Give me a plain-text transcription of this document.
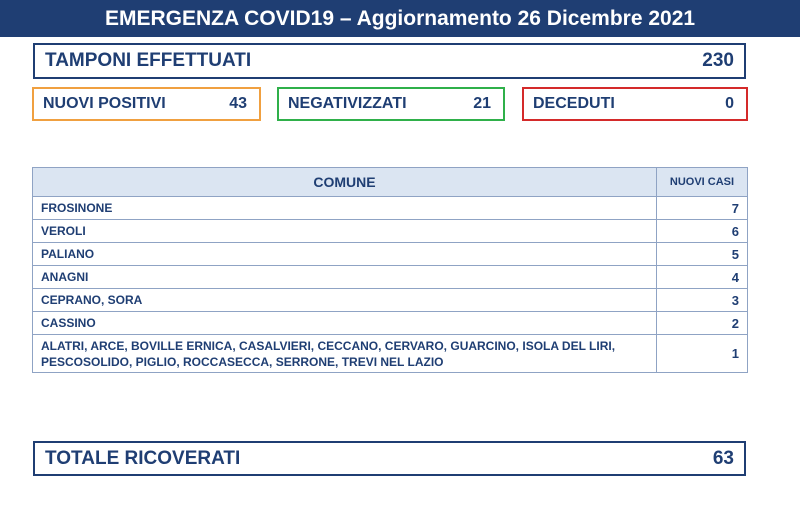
EMERGENZA COVID19 – Aggiornamento 26 Dicembre 2021
TAMPONI EFFETTUATI	230
NUOVI POSITIVI	43	NEGATIVIZZATI	21	DECEDUTI	0
COMUNE	NUOVI CASI
FROSINONE	7
VEROLI	6
PALIANO	5
ANAGNI	4
CEPRANO, SORA	3
CASSINO	2

ALATRI, ARCE, BOVILLE ERNICA, CASALVIERI, CECCANO, CERVARO, GUARCINO, ISOLA DEL LIRI,
PESCOSOLIDO, PIGLIO, ROCCASECCA, SERRONE, TREVI NEL LAZIO	1
TOTALE RICOVERATI	63
